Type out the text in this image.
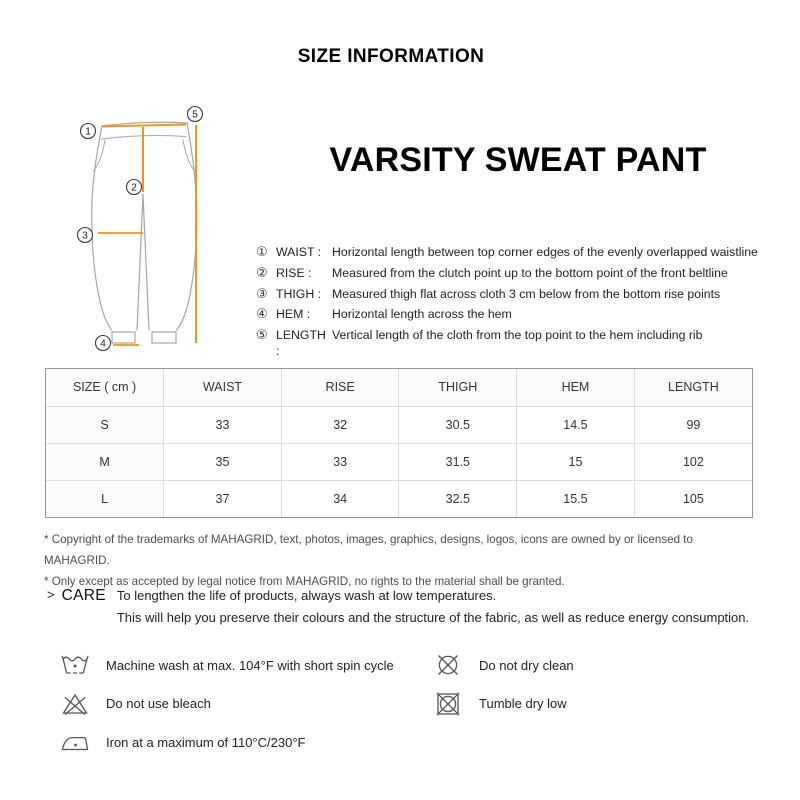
SIZE INFORMATION
1
2
3
4
5
VARSITY SWEAT PANT
① WAIST : Horizontal length between top corner edges of the evenly overlapped waistline
② RISE :	Measured from the clutch point up to the bottom point of the front beltline
③ THIGH : Measured thigh flat across cloth 3 cm below from the bottom rise points
④ HEM :	Horizontal length across the hem
⑤ LENGTH :
Vertical length of the cloth from the top point to the hem including rib
SIZE ( cm )	WAIST	RISE	THIGH	HEM	LENGTH
S	33	32	30.5	14.5	99
M	35	33	31.5	15	102
L	37	34	32.5	15.5	105
* Copyright of the trademarks of MAHAGRID, text, photos, images, graphics, designs, logos, icons are owned by or licensed to MAHAGRID.
* Only except as accepted by legal notice from MAHAGRID, no rights to the material shall be granted.
> CARE To lengthen the life of products, always wash at low temperatures.
This will help you preserve their colours and the structure of the fabric, as well as reduce energy consumption.
Machine wash at max. 104°F with short spin cycle
Do not use bleach
Iron at a maximum of 110°C/230°F
Do not dry clean
Tumble dry low
